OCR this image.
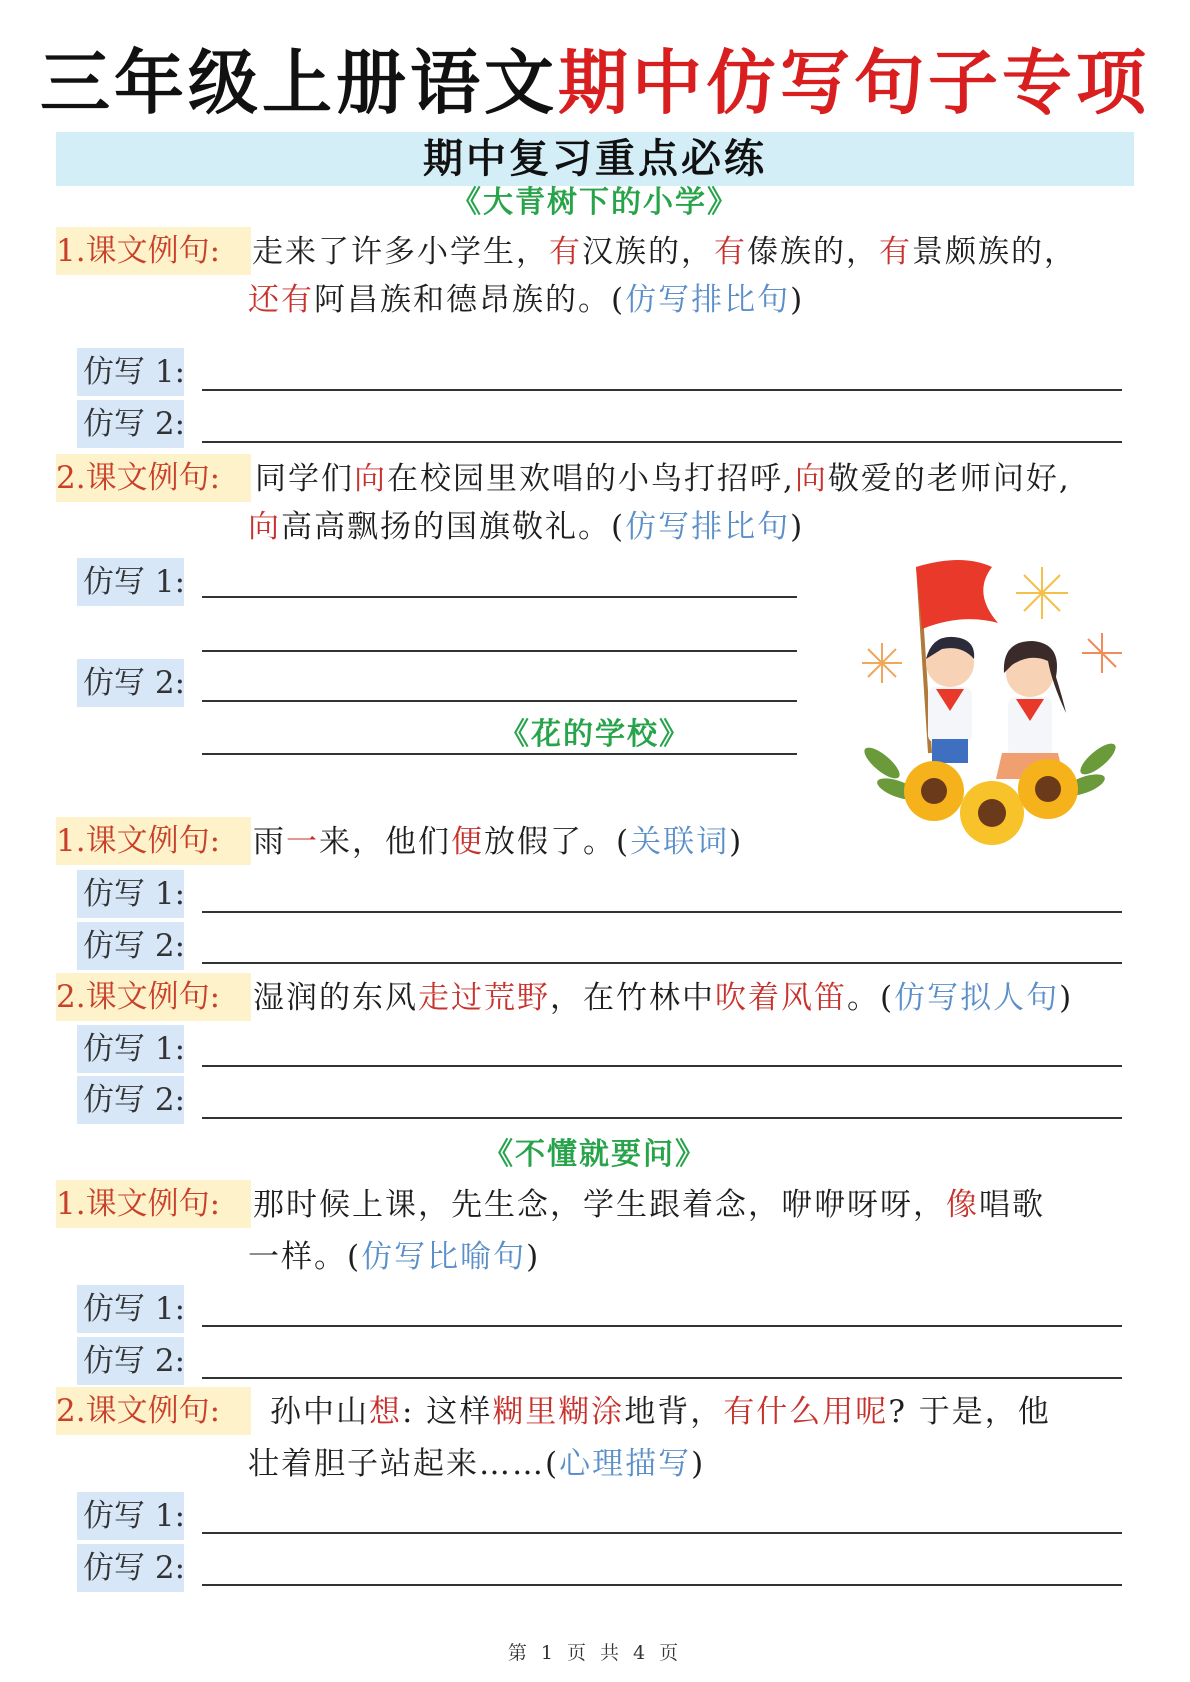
三年级上册语文期中仿写句子专项
期中复习重点必练
《大青树下的小学》
1.课文例句:	走来了许多小学生，有汉族的，有傣族的，有景颇族的，
还有阿昌族和德昂族的。(仿写排比句)
仿写 1:
仿写 2:
2.课文例句:	同学们向在校园里欢唱的小鸟打招呼,向敬爱的老师问好,
向高高飘扬的国旗敬礼。(仿写排比句)
仿写 1:
仿写 2:
《花的学校》
1.课文例句:	雨一来，他们便放假了。(关联词)
仿写 1:
仿写 2:
2.课文例句:	湿润的东风走过荒野，在竹林中吹着风笛。(仿写拟人句)
仿写 1:
仿写 2:
《不懂就要问》
1.课文例句:	那时候上课，先生念，学生跟着念，咿咿呀呀，像唱歌
一样。(仿写比喻句)
仿写 1:
仿写 2:
2.课文例句:	孙中山想: 这样糊里糊涂地背，有什么用呢? 于是，他
壮着胆子站起来……(心理描写)
仿写 1:
仿写 2:
第 1 页 共 4 页
